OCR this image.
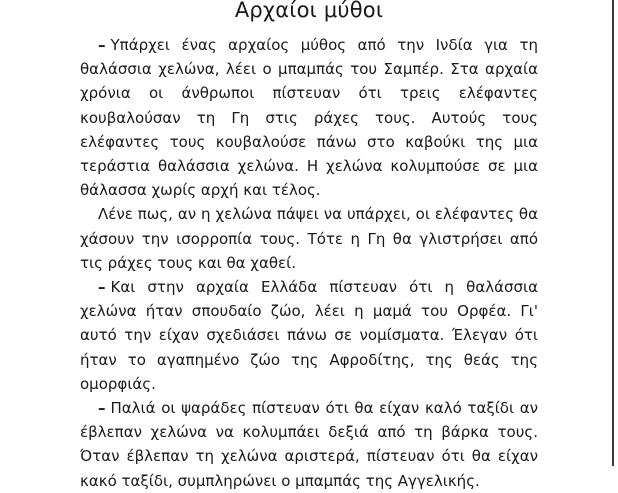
Αρχαίοι μύθοι

– Υπάρχει ένας αρχαίος μύθος από την Ινδία για τη θαλάσσια χελώνα, λέει ο μπαμπάς του Σαμπέρ. Στα αρχαία χρόνια οι άνθρωποι πίστευαν ότι τρεις ελέφαντες κουβαλούσαν τη Γη στις ράχες τους. Αυτούς τους ελέφαντες τους κουβαλούσε πάνω στο καβούκι της μια τεράστια θαλάσσια χελώνα. Η χελώνα κολυμπούσε σε μια θάλασσα χωρίς αρχή και τέλος.

Λένε πως, αν η χελώνα πάψει να υπάρχει, οι ελέφαντες θα χάσουν την ισορροπία τους. Τότε η Γη θα γλιστρήσει από τις ράχες τους και θα χαθεί.

– Και στην αρχαία Ελλάδα πίστευαν ότι η θαλάσσια χελώνα ήταν σπουδαίο ζώο, λέει η μαμά του Ορφέα. Γι' αυτό την είχαν σχεδιάσει πάνω σε νομίσματα. Έλεγαν ότι ήταν το αγαπημένο ζώο της Αφροδίτης, της θεάς της ομορφιάς.

– Παλιά οι ψαράδες πίστευαν ότι θα είχαν καλό ταξίδι αν έβλεπαν χελώνα να κολυμπάει δεξιά από τη βάρκα τους. Όταν έβλεπαν τη χελώνα αριστερά, πίστευαν ότι θα είχαν κακό ταξίδι, συμπληρώνει ο μπαμπάς της Αγγελικής.
